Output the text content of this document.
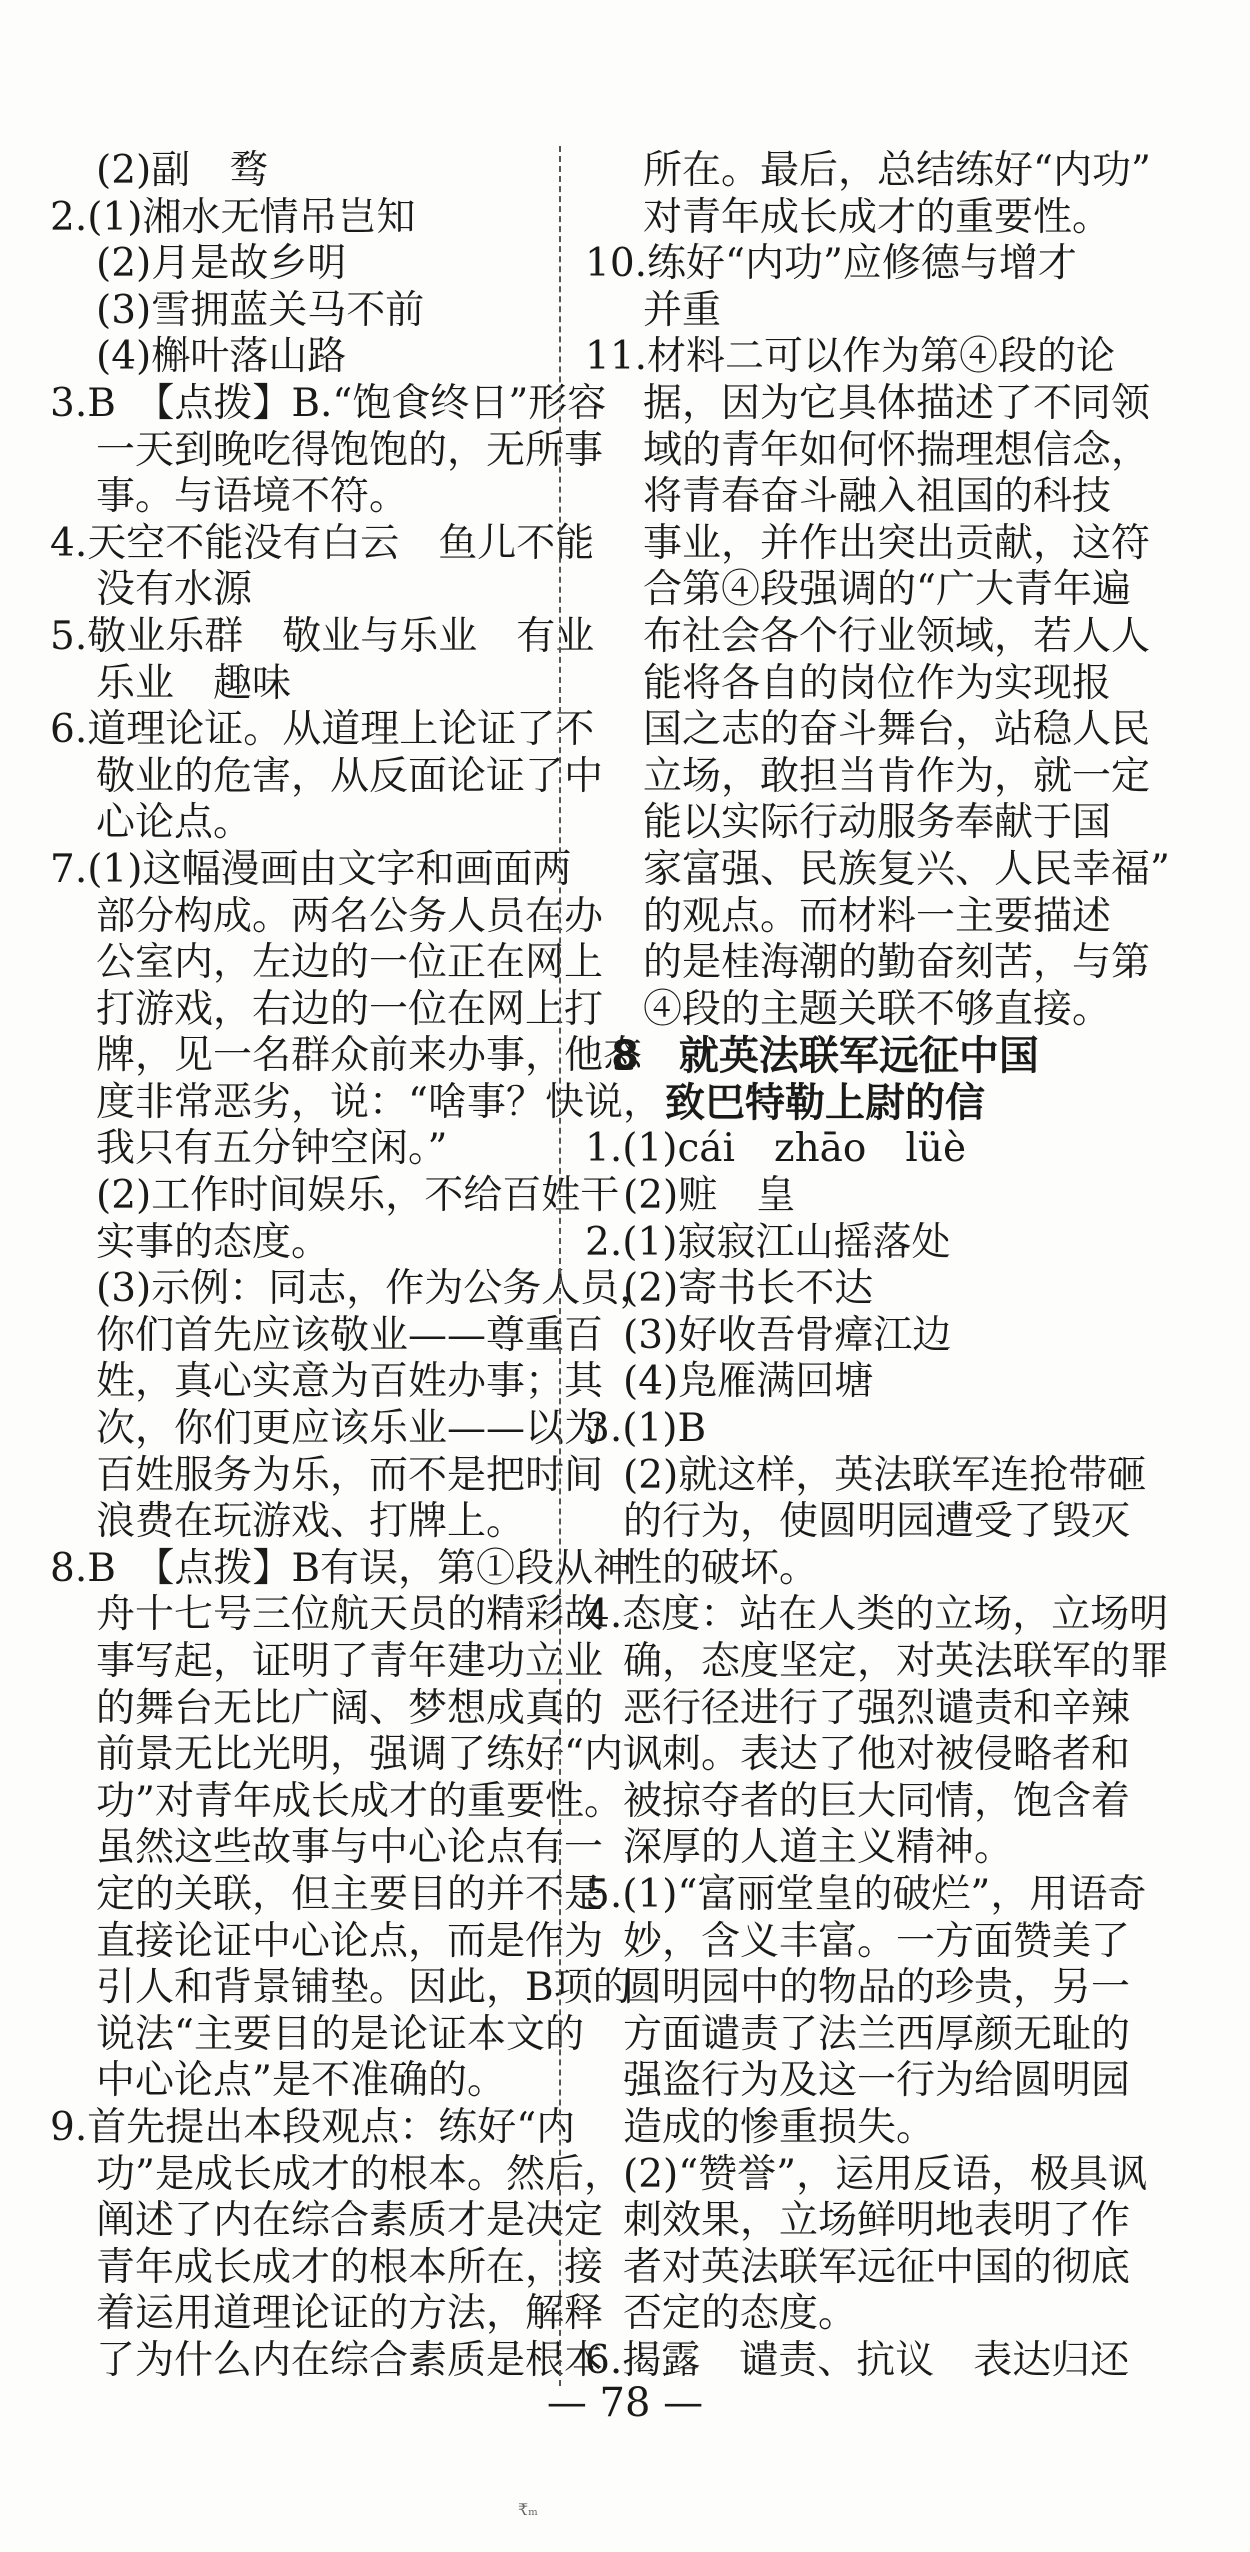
(2)副　骛
2.(1)湘水无情吊岂知
(2)月是故乡明
(3)雪拥蓝关马不前
(4)槲叶落山路
3.B　【点拨】B.“饱食终日”形容
一天到晚吃得饱饱的，无所事
事。与语境不符。
4.天空不能没有白云　鱼儿不能
没有水源
5.敬业乐群　敬业与乐业　有业
乐业　趣味
6.道理论证。从道理上论证了不
敬业的危害，从反面论证了中
心论点。
7.(1)这幅漫画由文字和画面两
部分构成。两名公务人员在办
公室内，左边的一位正在网上
打游戏，右边的一位在网上打
牌，见一名群众前来办事，他态
度非常恶劣，说：“啥事？快说，
我只有五分钟空闲。”
(2)工作时间娱乐，不给百姓干
实事的态度。
(3)示例：同志，作为公务人员，
你们首先应该敬业——尊重百
姓，真心实意为百姓办事；其
次，你们更应该乐业——以为
百姓服务为乐，而不是把时间
浪费在玩游戏、打牌上。
8.B　【点拨】B有误，第①段从神
舟十七号三位航天员的精彩故
事写起，证明了青年建功立业
的舞台无比广阔、梦想成真的
前景无比光明，强调了练好“内
功”对青年成长成才的重要性。
虽然这些故事与中心论点有一
定的关联，但主要目的并不是
直接论证中心论点，而是作为
引人和背景铺垫。因此，B项的
说法“主要目的是论证本文的
中心论点”是不准确的。
9.首先提出本段观点：练好“内
功”是成长成才的根本。然后，
阐述了内在综合素质才是决定
青年成长成才的根本所在，接
着运用道理论证的方法，解释
了为什么内在综合素质是根本
所在。最后，总结练好“内功”
对青年成长成才的重要性。
10.练好“内功”应修德与增才
并重
11.材料二可以作为第④段的论
据，因为它具体描述了不同领
域的青年如何怀揣理想信念，
将青春奋斗融入祖国的科技
事业，并作出突出贡献，这符
合第④段强调的“广大青年遍
布社会各个行业领域，若人人
能将各自的岗位作为实现报
国之志的奋斗舞台，站稳人民
立场，敢担当肯作为，就一定
能以实际行动服务奉献于国
家富强、民族复兴、人民幸福”
的观点。而材料一主要描述
的是桂海潮的勤奋刻苦，与第
④段的主题关联不够直接。
8　就英法联军远征中国
致巴特勒上尉的信
1.(1)cái　zhāo　lüè
(2)赃　皇
2.(1)寂寂江山摇落处
(2)寄书长不达
(3)好收吾骨瘴江边
(4)凫雁满回塘
3.(1)B
(2)就这样，英法联军连抢带砸
的行为，使圆明园遭受了毁灭
性的破坏。
4.态度：站在人类的立场，立场明
确，态度坚定，对英法联军的罪
恶行径进行了强烈谴责和辛辣
讽刺。表达了他对被侵略者和
被掠夺者的巨大同情，饱含着
深厚的人道主义精神。
5.(1)“富丽堂皇的破烂”，用语奇
妙，含义丰富。一方面赞美了
圆明园中的物品的珍贵，另一
方面谴责了法兰西厚颜无耻的
强盗行为及这一行为给圆明园
造成的惨重损失。
(2)“赞誉”，运用反语，极具讽
刺效果，立场鲜明地表明了作
者对英法联军远征中国的彻底
否定的态度。
6.揭露　谴责、抗议　表达归还
— 78 —
₹ₘ
